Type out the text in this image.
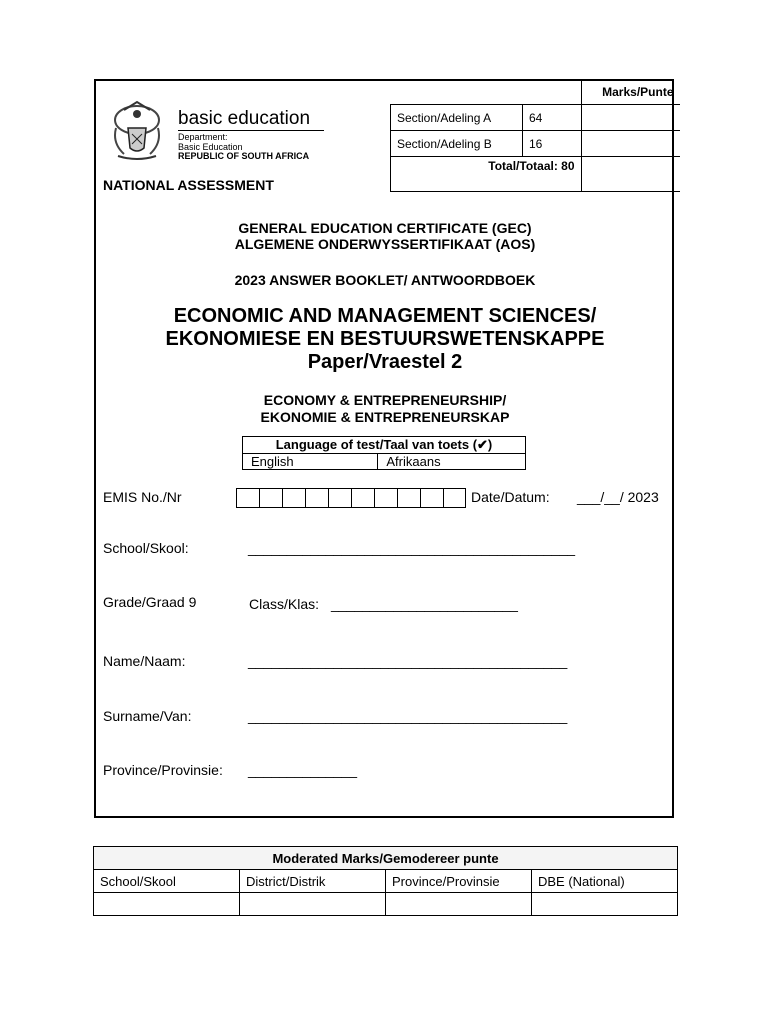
basic education
Department:
Basic Education
REPUBLIC OF SOUTH AFRICA
NATIONAL ASSESSMENT
		Marks/Punte
Section/Adeling A	64	
Section/Adeling B	16	
Total/Totaal: 80		
GENERAL EDUCATION CERTIFICATE (GEC)
ALGEMENE ONDERWYSSERTIFIKAAT (AOS)
2023 ANSWER BOOKLET/ ANTWOORDBOEK
ECONOMIC AND MANAGEMENT SCIENCES/
EKONOMIESE EN BESTUURSWETENSKAPPE
Paper/Vraestel 2
ECONOMY & ENTREPRENEURSHIP/
EKONOMIE & ENTREPRENEURSKAP
Language of test/Taal van toets (✔)
English	Afrikaans
EMIS No./Nr	Date/Datum: ___/__/ 2023
School/Skool:	__________________________________________
Grade/Graad 9	Class/Klas: ________________________
Name/Naam:	_________________________________________
Surname/Van:	_________________________________________
Province/Provinsie: ______________
Moderated Marks/Gemodereer punte			
School/Skool	District/Distrik	Province/Provinsie	DBE (National)
